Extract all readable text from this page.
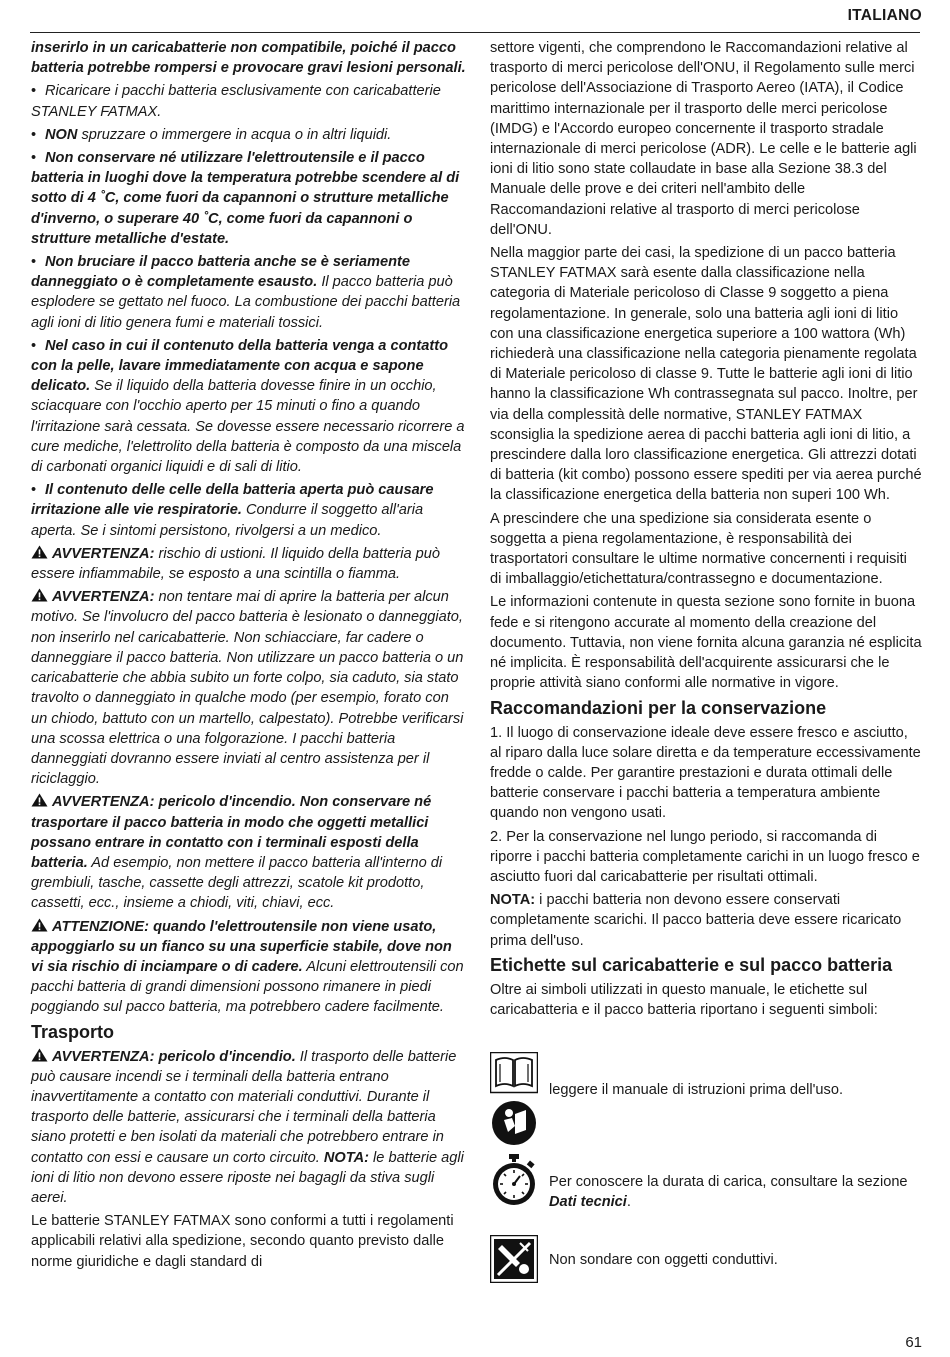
ITALIANO

inserirlo in un caricabatterie non compatibile, poiché il pacco batteria potrebbe rompersi e provocare gravi lesioni personali.

• Ricaricare i pacchi batteria esclusivamente con caricabatterie STANLEY FATMAX.

• NON spruzzare o immergere in acqua o in altri liquidi.

• Non conservare né utilizzare l'elettroutensile e il pacco batteria in luoghi dove la temperatura potrebbe scendere al di sotto di 4 ˚C, come fuori da capannoni o strutture metalliche d'inverno, o superare 40 ˚C, come fuori da capannoni o strutture metalliche d'estate.

• Non bruciare il pacco batteria anche se è seriamente danneggiato o è completamente esausto. Il pacco batteria può esplodere se gettato nel fuoco. La combustione dei pacchi batteria agli ioni di litio genera fumi e materiali tossici.

• Nel caso in cui il contenuto della batteria venga a contatto con la pelle, lavare immediatamente con acqua e sapone delicato. Se il liquido della batteria dovesse finire in un occhio, sciacquare con l'occhio aperto per 15 minuti o fino a quando l'irritazione sarà cessata. Se dovesse essere necessario ricorrere a cure mediche, l'elettrolito della batteria è composto da una miscela di carbonati organici liquidi e di sali di litio.

• Il contenuto delle celle della batteria aperta può causare irritazione alle vie respiratorie. Condurre il soggetto all'aria aperta. Se i sintomi persistono, rivolgersi a un medico.

AVVERTENZA: rischio di ustioni. Il liquido della batteria può essere infiammabile, se esposto a una scintilla o fiamma.

AVVERTENZA: non tentare mai di aprire la batteria per alcun motivo. Se l'involucro del pacco batteria è lesionato o danneggiato, non inserirlo nel caricabatterie. Non schiacciare, far cadere o danneggiare il pacco batteria. Non utilizzare un pacco batteria o un caricabatterie che abbia subito un forte colpo, sia caduto, sia stato travolto o danneggiato in qualche modo (per esempio, forato con un chiodo, battuto con un martello, calpestato). Potrebbe verificarsi una scossa elettrica o una folgorazione. I pacchi batteria danneggiati dovranno essere inviati al centro assistenza per il riciclaggio.

AVVERTENZA: pericolo d'incendio. Non conservare né trasportare il pacco batteria in modo che oggetti metallici possano entrare in contatto con i terminali esposti della batteria. Ad esempio, non mettere il pacco batteria all'interno di grembiuli, tasche, cassette degli attrezzi, scatole kit prodotto, cassetti, ecc., insieme a chiodi, viti, chiavi, ecc.

ATTENZIONE: quando l'elettroutensile non viene usato, appoggiarlo su un fianco su una superficie stabile, dove non vi sia rischio di inciampare o di cadere. Alcuni elettroutensili con pacchi batteria di grandi dimensioni possono rimanere in piedi poggiando sul pacco batteria, ma potrebbero cadere facilmente.

Trasporto

AVVERTENZA: pericolo d'incendio. Il trasporto delle batterie può causare incendi se i terminali della batteria entrano inavvertitamente a contatto con materiali conduttivi. Durante il trasporto delle batterie, assicurarsi che i terminali della batteria siano protetti e ben isolati da materiali che potrebbero entrare in contatto con essi e causare un corto circuito. NOTA: le batterie agli ioni di litio non devono essere riposte nei bagagli da stiva sugli aerei.

Le batterie STANLEY FATMAX sono conformi a tutti i regolamenti applicabili relativi alla spedizione, secondo quanto previsto dalle norme giuridiche e dagli standard di

settore vigenti, che comprendono le Raccomandazioni relative al trasporto di merci pericolose dell'ONU, il Regolamento sulle merci pericolose dell'Associazione di Trasporto Aereo (IATA), il Codice marittimo internazionale per il trasporto delle merci pericolose (IMDG) e l'Accordo europeo concernente il trasporto stradale internazionale di merci pericolose (ADR). Le celle e le batterie agli ioni di litio sono state collaudate in base alla Sezione 38.3 del Manuale delle prove e dei criteri nell'ambito delle Raccomandazioni relative al trasporto di merci pericolose dell'ONU.

Nella maggior parte dei casi, la spedizione di un pacco batteria STANLEY FATMAX sarà esente dalla classificazione nella categoria di Materiale pericoloso di Classe 9 soggetto a piena regolamentazione. In generale, solo una batteria agli ioni di litio con una classificazione energetica superiore a 100 wattora (Wh) richiederà una classificazione nella categoria pienamente regolata di Materiale pericoloso di classe 9. Tutte le batterie agli ioni di litio hanno la classificazione Wh contrassegnata sul pacco. Inoltre, per via della complessità delle normative, STANLEY FATMAX sconsiglia la spedizione aerea di pacchi batteria agli ioni di litio, a prescindere dalla loro classificazione energetica. Gli attrezzi dotati di batteria (kit combo) possono essere spediti per via aerea purché la classificazione energetica della batteria non superi 100 Wh.

A prescindere che una spedizione sia considerata esente o soggetta a piena regolamentazione, è responsabilità dei trasportatori consultare le ultime normative concernenti i requisiti di imballaggio/etichettatura/contrassegno e documentazione.

Le informazioni contenute in questa sezione sono fornite in buona fede e si ritengono accurate al momento della creazione del documento. Tuttavia, non viene fornita alcuna garanzia né esplicita né implicita. È responsabilità dell'acquirente assicurarsi che le proprie attività siano conformi alle normative in vigore.

Raccomandazioni per la conservazione

1. Il luogo di conservazione ideale deve essere fresco e asciutto, al riparo dalla luce solare diretta e da temperature eccessivamente fredde o calde. Per garantire prestazioni e durata ottimali delle batterie conservare i pacchi batteria a temperatura ambiente quando non vengono usati.

2. Per la conservazione nel lungo periodo, si raccomanda di riporre i pacchi batteria completamente carichi in un luogo fresco e asciutto fuori dal caricabatterie per risultati ottimali.

NOTA: i pacchi batteria non devono essere conservati completamente scarichi. Il pacco batteria deve essere ricaricato prima dell'uso.

Etichette sul caricabatterie e sul pacco batteria

Oltre ai simboli utilizzati in questo manuale, le etichette sul caricabatteria e il pacco batteria riportano i seguenti simboli:

leggere il manuale di istruzioni prima dell'uso.
Per conoscere la durata di carica, consultare la sezione
Dati tecnici.
Non sondare con oggetti conduttivi.
61
